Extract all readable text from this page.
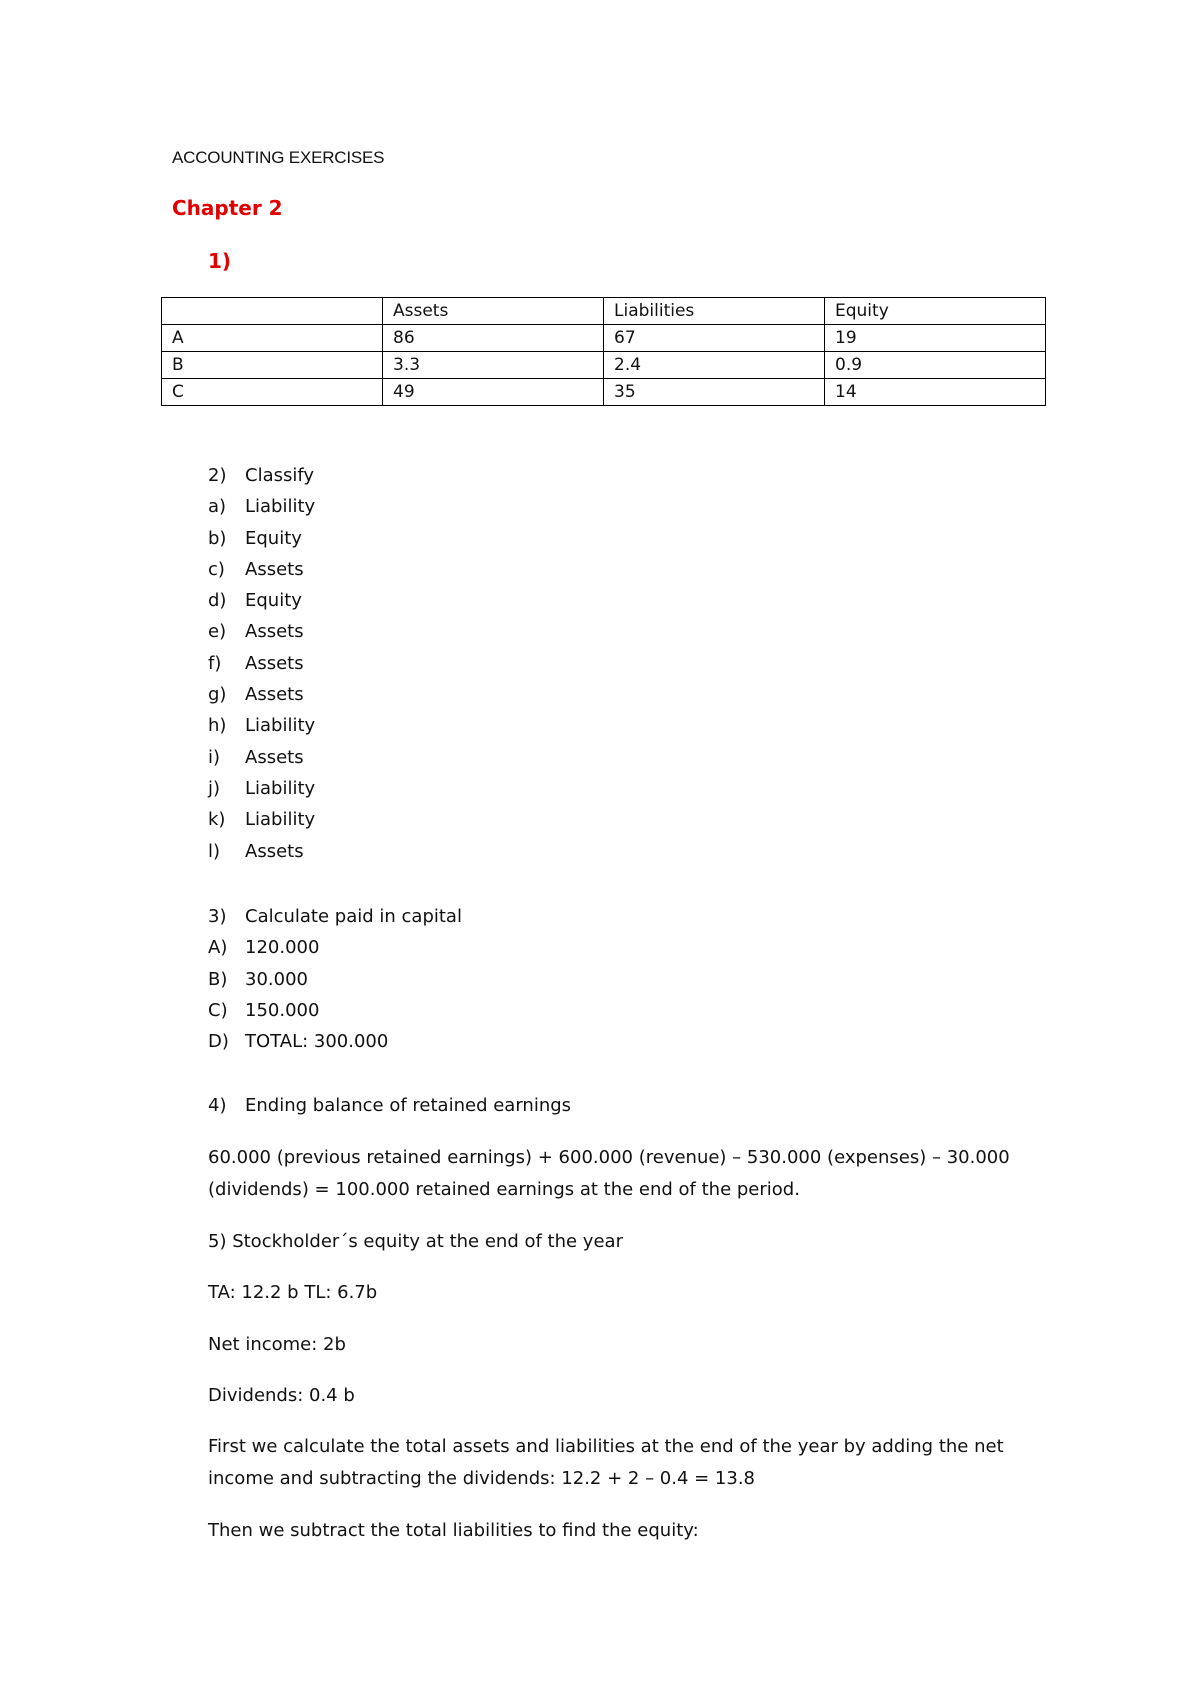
ACCOUNTING EXERCISES
Chapter 2
1)
	Assets	Liabilities	Equity
A	86	67	19
B	3.3	2.4	0.9
C	49	35	14
2) Classify
a) Liability
b) Equity
c) Assets
d) Equity
e) Assets
f) Assets
g) Assets
h) Liability
i) Assets
j) Liability
k) Liability
l) Assets
3) Calculate paid in capital
A) 120.000
B) 30.000
C) 150.000
D) TOTAL: 300.000
4) Ending balance of retained earnings
60.000 (previous retained earnings) + 600.000 (revenue) – 530.000 (expenses) – 30.000 (dividends) = 100.000 retained earnings at the end of the period.
5) Stockholder´s equity at the end of the year
TA: 12.2 b TL: 6.7b
Net income: 2b
Dividends: 0.4 b
First we calculate the total assets and liabilities at the end of the year by adding the net income and subtracting the dividends: 12.2 + 2 – 0.4 = 13.8
Then we subtract the total liabilities to find the equity:
